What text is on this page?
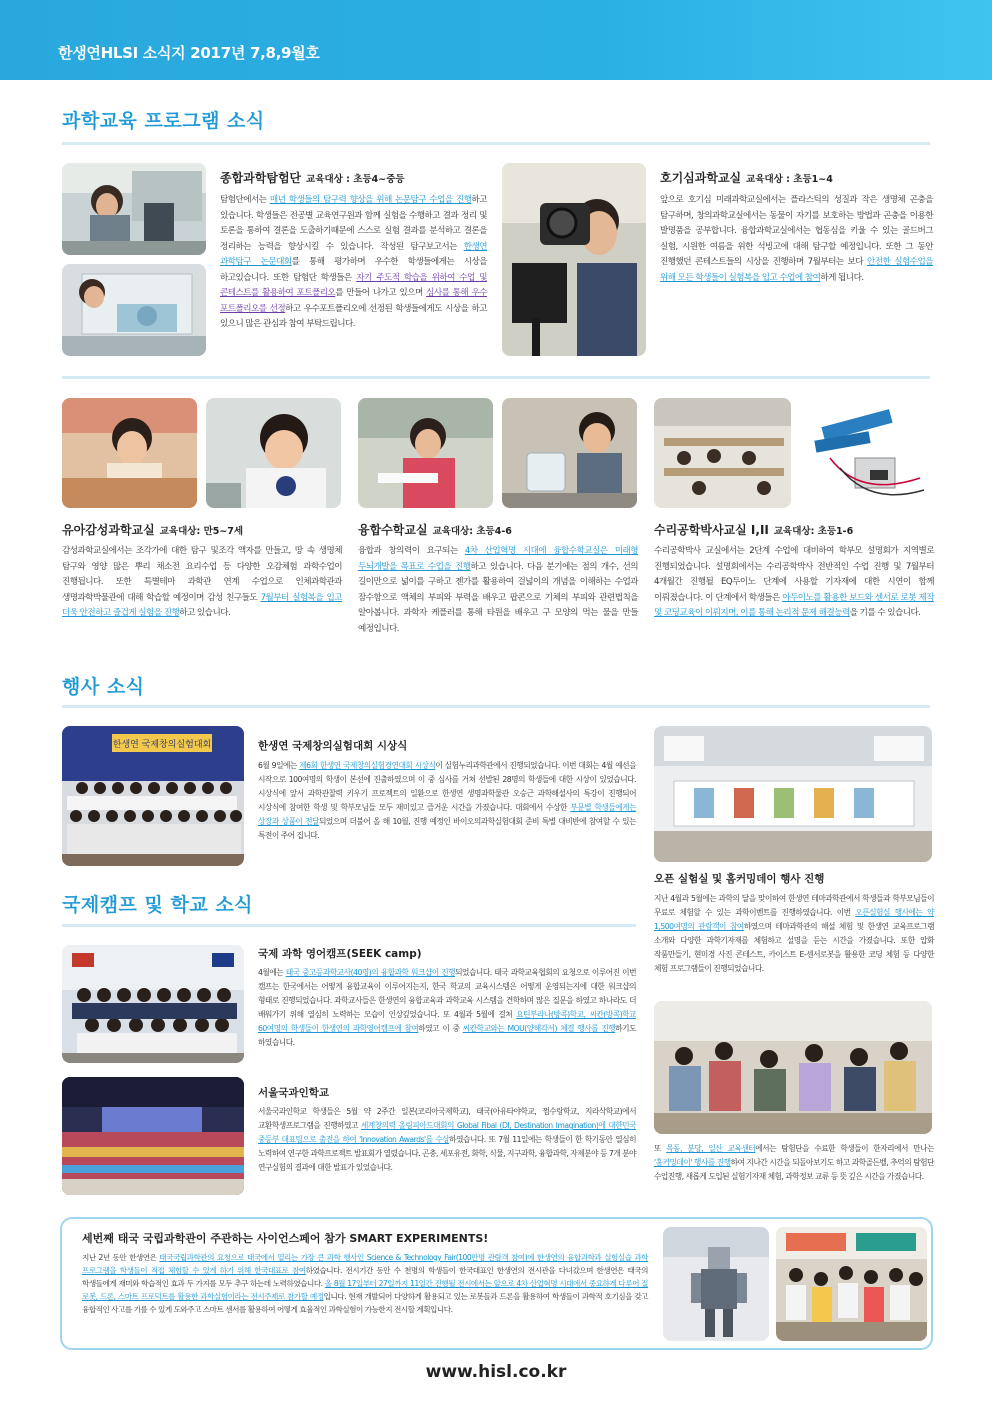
한생연HLSI 소식지 2017년 7,8,9월호
과학교육 프로그램 소식
종합과학탐험단 교육대상 : 초등4~중등
탐험단에서는 매년 학생들의 탐구력 향상을 위해 논문탐구 수업을 진행하고 있습니다. 학생들은 전공별 교육연구원과 함께 실험을 수행하고 결과 정리 및 토론을 통하여 결론을 도출하기때문에 스스로 실험 결과를 분석하고 결론을 정리하는 능력을 향상시킬 수 있습니다. 작성된 탐구보고서는 한생연 과학탐구 논문대회를 통해 평가하며 우수한 학생들에게는 시상을 하고있습니다. 또한 탐험단 학생들은 자기 주도적 학습을 위하여 수업 및 콘테스트를 활용하여 포트폴리오를 만들어 나가고 있으며 심사를 통해 우수 포트폴리오를 선정하고 우수포트폴리오에 선정된 학생들에게도 시상을 하고 있으니 많은 관심과 참여 부탁드립니다.
호기심과학교실 교육대상 : 초등1~4
앞으로 호기심 미래과학교실에서는 플라스틱의 성질과 작은 생명체 곤충을 탐구하며, 창의과학교실에서는 동물이 자기를 보호하는 방법과 곤충을 이용한 발명품을 공부합니다. 융합과학교실에서는 협동심을 키울 수 있는 골드버그 실험, 시원한 여름을 위한 석빙고에 대해 탐구할 예정입니다. 또한 그 동안 진행했던 콘테스트들의 시상을 진행하며 7월부터는 보다 안전한 실험수업을 위해 모든 학생들이 실험복을 입고 수업에 참여하게 됩니다.
유아감성과학교실 교육대상: 만5~7세
감성과학교실에서는 조각가에 대한 탐구 및조각 액자를 만들고, 땅 속 생명체 탐구와 영양 많은 뿌리 채소전 요리수업 등 다양한 오감체험 과학수업이 진행됩니다. 또한 특별테마 과학관 연계 수업으로 인체과학관과 생명과학박물관에 대해 학습할 예정이며 감성 친구들도 7월부터 실험복을 입고 더욱 안전하고 즐겁게 실험을 진행하고 있습니다.
융합수학교실 교육대상: 초등4-6
융합과 창의력이 요구되는 4차 산업혁명 시대에 융합수학교실은 미래형 두뇌개발을 목표로 수업을 진행하고 있습니다. 다음 분기에는 점의 개수, 선의 길이만으로 넓이를 구하고 젠가를 활용하여 걸넓이의 개념을 이해하는 수업과 잠수함으로 액체의 부피와 부력을 배우고 팝콘으로 기체의 부피와 관련법칙을 알아봅니다. 과학자 케플러를 통해 타원을 배우고 구 모양의 먹는 물을 만들 예정입니다.
수리공학박사교실 I,II 교육대상: 초등1-6
수리공학박사 교실에서는 2단계 수업에 대비하여 학부모 설명회가 지역별로 진행되었습니다. 설명회에서는 수리공학박사 전반적인 수업 진행 및 7월부터 4개월간 진행될 EQ두이노 단계에 사용할 기자재에 대한 시연이 함께 이뤄졌습니다. 이 단계에서 학생들은 아두이노를 활용한 보드와 센서로 로봇 제작 및 코딩교육이 이뤄지며, 이를 통해 논리적 문제 해결능력을 기를 수 있습니다.
행사 소식
한생연 국제창의실험대회	한생연 국제창의실험대회 시상식
6월 9일에는 제6회 한생연 국제창의실험경연대회 시상식이 실험누리과학관에서 진행되었습니다. 이번 대회는 4월 예선을 시작으로 100여명의 학생이 본선에 진출하였으며 이 중 심사를 거쳐 선발된 28명의 학생들에 대한 시상이 있었습니다. 시상식에 앞서 과학관찰력 키우기 프로젝트의 일환으로 한생연 생명과학물관 오승근 과학해설사의 특강이 진행되어 시상식에 참여한 학생 및 학부모님들 모두 재미있고 즐거운 시간을 가졌습니다. 대회에서 수상한 부문별 학생들에게는 상장과 상품이 전달되었으며 더불어 올 해 10월, 진행 예정인 바이오의과학실험대회 준비 특별 대비반에 참여할 수 있는 특전이 주어 집니다.
오픈 실험실 및 홈커밍데이 행사 진행
지난 4월과 5월에는 과학의 달을 맞이하여 한생연 테마과학관에서 학생들과 학부모님들이 무료로 체험할 수 있는 과학이벤트를 진행하였습니다. 이번 오픈실험실 행사에는 약 1,500여명의 관람객이 참여하였으며 테마과학관의 해설 체험 및 한생연 교육프로그램 소개와 다양한 과학기자재를 체험하고 설명을 듣는 시간을 가졌습니다. 또한 압화 작품만들기, 현미경 사진 콘테스트, 카이스트 E-센서로봇을 활용한 코딩 체험 등 다양한 체험 프로그램들이 진행되었습니다.
또 목동, 분당, 일산 교육센터에서는 탐험단을 수료한 학생들이 한자리에서 만나는 '홈커밍데이' 행사를 진행하여 지나간 시간을 되돌아보기도 하고 과학골든벨, 추억의 탐험단 수업진행, 새롭게 도입된 실험기자재 체험, 과학정보 교류 등 뜻 깊은 시간을 가졌습니다.
국제캠프 및 학교 소식
국제 과학 영어캠프(SEEK camp)
4월에는 태국 중고등과학교사(40명)의 융합과학 워크샵이 진행되었습니다. 태국 과학교육협회의 요청으로 이루어진 이번 캠프는 한국에서는 어떻게 융합교육이 이루어지는지, 한국 학교의 교육시스템은 어떻게 운영되는지에 대한 워크샵의 형태로 진행되었습니다. 과학교사들은 한생연의 융합교육과 과학교육 시스템을 견학하며 많은 질문을 하였고 하나라도 더 배워가기 위해 열심히 노력하는 모습이 인상깊었습니다. 또 4월과 5월에 걸쳐 요틴부라나(방콕)학교, 씨칸(방콕)학교 60여명의 학생들이 한생연의 과학영어캠프에 참여하였고 이 중 씨칸학교와는 MOU(양해각서) 체결 행사를 진행하기도 하였습니다.
서울국과인학교
서울국과인학교 학생들은 5월 약 2주간 일본(코리아국제학교), 태국(아유타야학교, 쩜수랑학교, 지라삭학교)에서 교환학생프로그램을 진행하였고 세계창의력 올림피아드대회의 Global Fibal (DI, Destination Imagination)에 대한민국 중등부 대표팀으로 출전을 하여 'Innovation Awards'를 수상하였습니다. 또 7월 11일에는 학생들이 한 학기동안 열심히 노력하여 연구한 과학프로젝트 발표회가 열렸습니다. 곤충, 세포유전, 화학, 식물, 지구과학, 융합과학, 자제분야 등 7개 분야 연구실험의 결과에 대한 발표가 있었습니다.
세번째 태국 국립과학관이 주관하는 사이언스페어 참가 SMART EXPERIMENTS!
지난 2년 동안 한생연은 태국국립과학관의 요청으로 태국에서 열리는 가장 큰 과학 행사인 Science & Technology Fair(100만명 관람객 참여)에 한생연의 융합과학과 실험실습 과학 프로그램을 학생들이 직접 체험할 수 있게 하기 위해 한국대표로 참여하였습니다. 전시기간 동안 수 천명의 학생들이 한국대표인 한생연의 전시관을 다녀갔으며 한생연은 태국의 학생들에게 재미와 학습적인 효과 두 가지를 모두 추구 하는데 노력하였습니다. 올 8월 17일부터 27일까지 11일간 진행될 전시에서는 앞으로 4차 산업혁명 시대에서 중요하게 다루어 질 로봇, 드론, 스마트 프로덕트를 활용한 과학실험이라는 전시주제로 참가할 예정입니다. 현재 개발되어 다양하게 활용되고 있는 로봇들과 드론을 활용하여 학생들이 과학적 호기심을 갖고 융합적인 사고를 기를 수 있게 도와주고 스마트 센서를 활용하여 어떻게 효율적인 과학실험이 가능한지 전시할 계획입니다.
www.hisl.co.kr
